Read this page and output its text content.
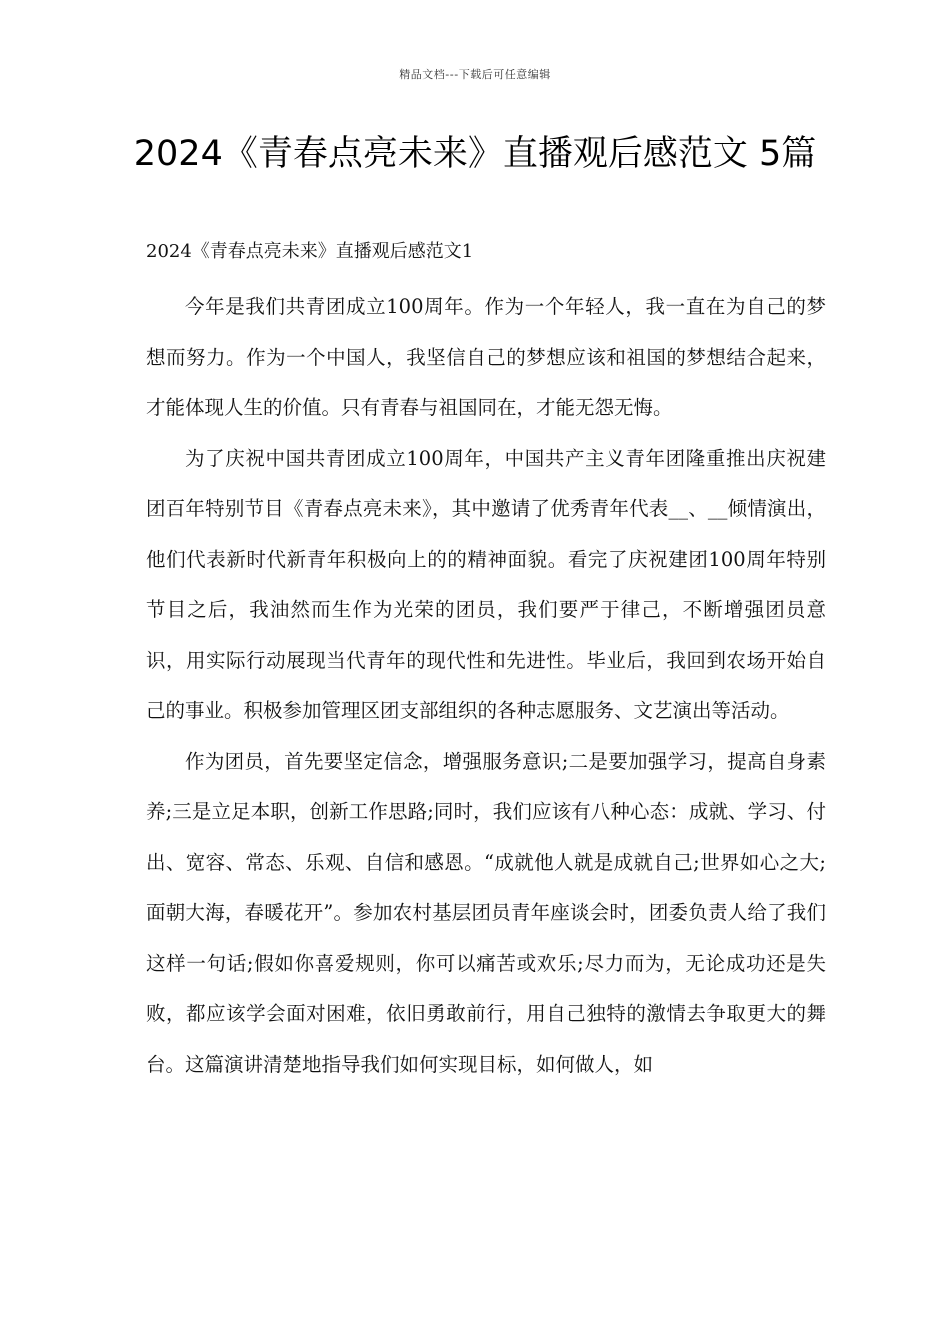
精品文档---下载后可任意编辑
2024《青春点亮未来》直播观后感范文 5篇
2024《青春点亮未来》直播观后感范文1

今年是我们共青团成立100周年。作为一个年轻人，我一直在为自己的梦想而努力。作为一个中国人，我坚信自己的梦想应该和祖国的梦想结合起来，才能体现人生的价值。只有青春与祖国同在，才能无怨无悔。

为了庆祝中国共青团成立100周年，中国共产主义青年团隆重推出庆祝建团百年特别节目《青春点亮未来》，其中邀请了优秀青年代表__、__倾情演出，他们代表新时代新青年积极向上的的精神面貌。看完了庆祝建团100周年特别节目之后，我油然而生作为光荣的团员，我们要严于律己，不断增强团员意识，用实际行动展现当代青年的现代性和先进性。毕业后，我回到农场开始自己的事业。积极参加管理区团支部组织的各种志愿服务、文艺演出等活动。

作为团员，首先要坚定信念，增强服务意识;二是要加强学习，提高自身素养;三是立足本职，创新工作思路;同时，我们应该有八种心态：成就、学习、付出、宽容、常态、乐观、自信和感恩。“成就他人就是成就自己;世界如心之大;面朝大海，春暖花开”。参加农村基层团员青年座谈会时，团委负责人给了我们这样一句话;假如你喜爱规则，你可以痛苦或欢乐;尽力而为，无论成功还是失败，都应该学会面对困难，依旧勇敢前行，用自己独特的激情去争取更大的舞台。这篇演讲清楚地指导我们如何实现目标，如何做人，如
